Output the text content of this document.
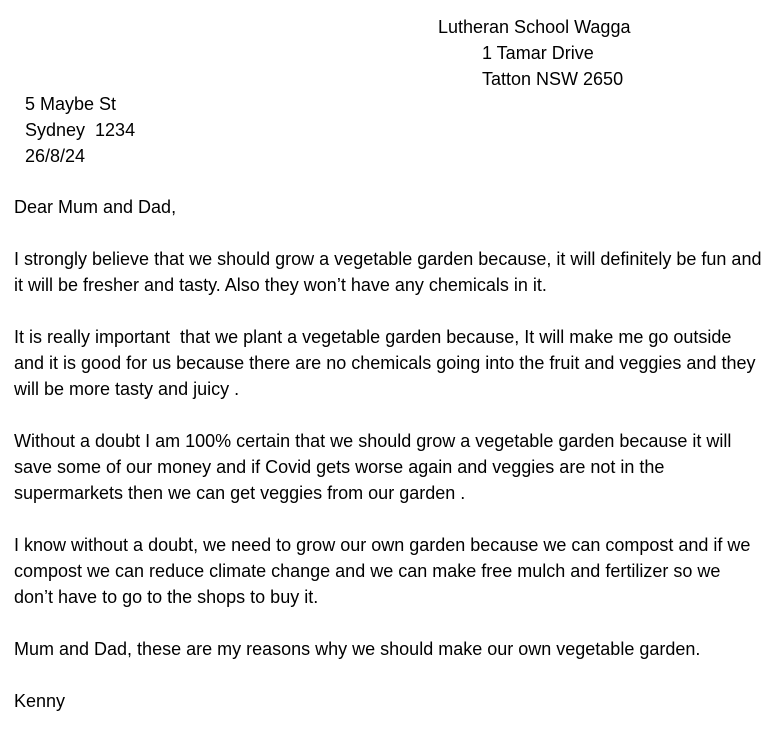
Lutheran School Wagga
1 Tamar Drive
Tatton NSW 2650
5 Maybe St
Sydney  1234
26/8/24

Dear Mum and Dad,

I strongly believe that we should grow a vegetable garden because, it will definitely be fun and it will be fresher and tasty. Also they won’t have any chemicals in it.

It is really important  that we plant a vegetable garden because, It will make me go outside and it is good for us because there are no chemicals going into the fruit and veggies and they will be more tasty and juicy .

Without a doubt I am 100% certain that we should grow a vegetable garden because it will save some of our money and if Covid gets worse again and veggies are not in the supermarkets then we can get veggies from our garden .

I know without a doubt, we need to grow our own garden because we can compost and if we compost we can reduce climate change and we can make free mulch and fertilizer so we don’t have to go to the shops to buy it.

Mum and Dad, these are my reasons why we should make our own vegetable garden.

Kenny
